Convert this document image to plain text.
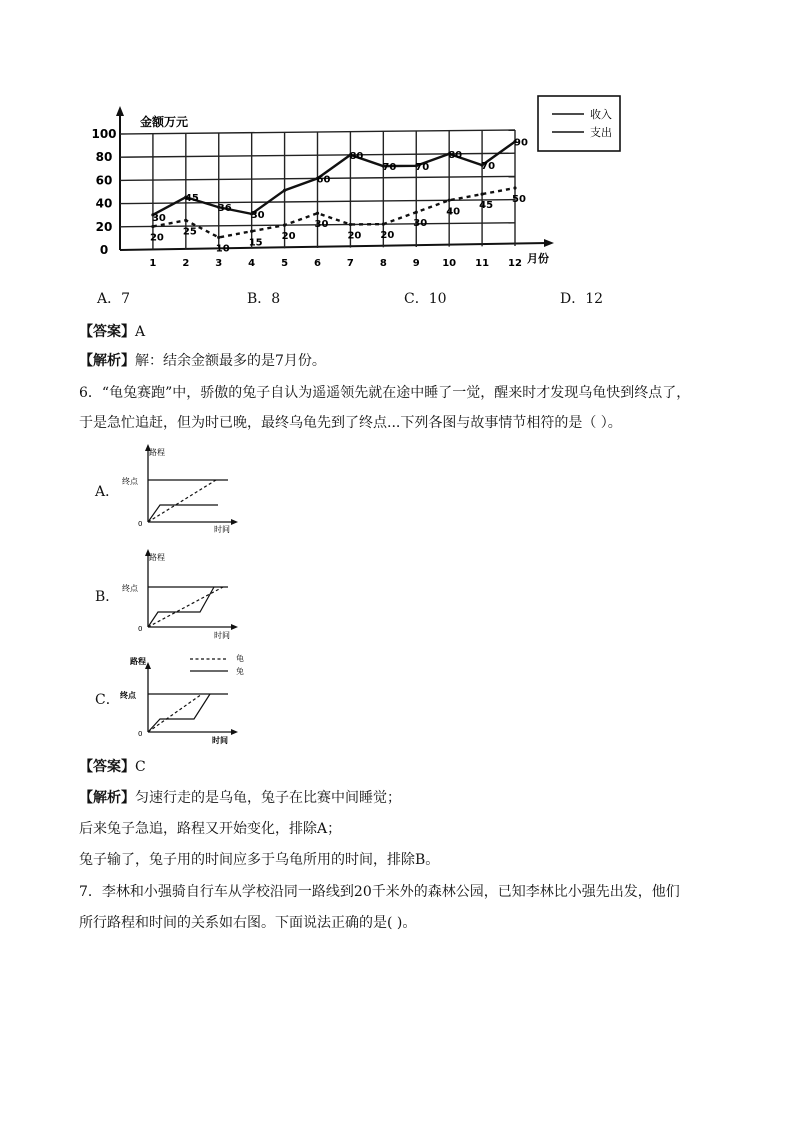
100
80
60
40
20
0
1	2	3	4	5	6	7	8	9 10 11 12
30
45
36
30
60
80
70 70
80
70
90
20
25
10
15
20
30
20 20
30
40
45
50
金额万元
月份
收入
支出
A．7	B．8	C．10	D．12
【答案】A
【解析】解：结余金额最多的是7月份。
6．“龟兔赛跑”中，骄傲的兔子自认为遥遥领先就在途中睡了一觉，醒来时才发现乌龟快到终点了，
于是急忙追赶，但为时已晚，最终乌龟先到了终点...下列各图与故事情节相符的是（ ）。
A．
路程
终点
0
时间
B．
路程
终点
0
时间
C．
龟
兔
路程
终点
0
时间
【答案】C
【解析】匀速行走的是乌龟，兔子在比赛中间睡觉；
后来兔子急追，路程又开始变化，排除A；
兔子输了，兔子用的时间应多于乌龟所用的时间，排除B。
7．李林和小强骑自行车从学校沿同一路线到20千米外的森林公园，已知李林比小强先出发，他们
所行路程和时间的关系如右图。下面说法正确的是( )。
